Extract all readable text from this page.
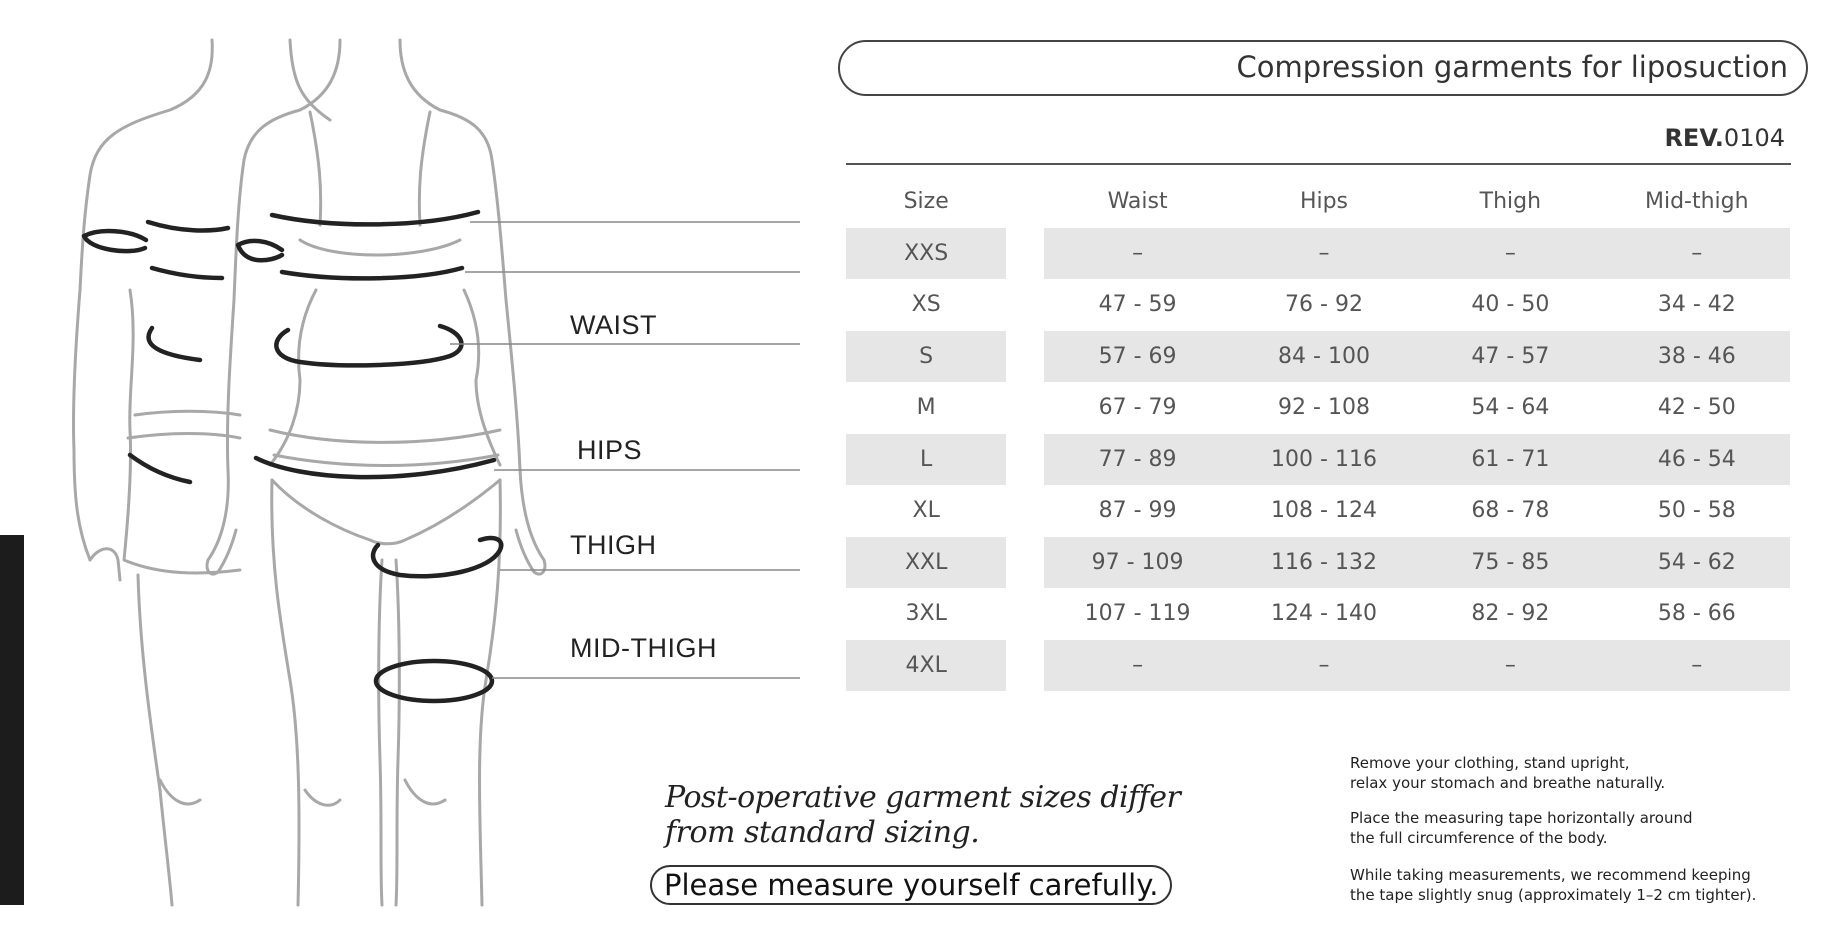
WAIST
HIPS
THIGH
MID-THIGH
Compression garments for liposuction
REV.0104
Size		Waist	Hips	Thigh	Mid-thigh
XXS		–	–	–	–
XS		47 - 59	76 - 92	40 - 50	34 - 42
S		57 - 69	84 - 100	47 - 57	38 - 46
M		67 - 79	92 - 108	54 - 64	42 - 50
L		77 - 89	100 - 116	61 - 71	46 - 54
XL		87 - 99	108 - 124	68 - 78	50 - 58
XXL		97 - 109	116 - 132	75 - 85	54 - 62
3XL		107 - 119	124 - 140	82 - 92	58 - 66
4XL		–	–	–	–
Post-operative garment sizes differ
from standard sizing.
Please measure yourself carefully.
Remove your clothing, stand upright,
relax your stomach and breathe naturally.
Place the measuring tape horizontally around
the full circumference of the body.
While taking measurements, we recommend keeping
the tape slightly snug (approximately 1–2 cm tighter).
